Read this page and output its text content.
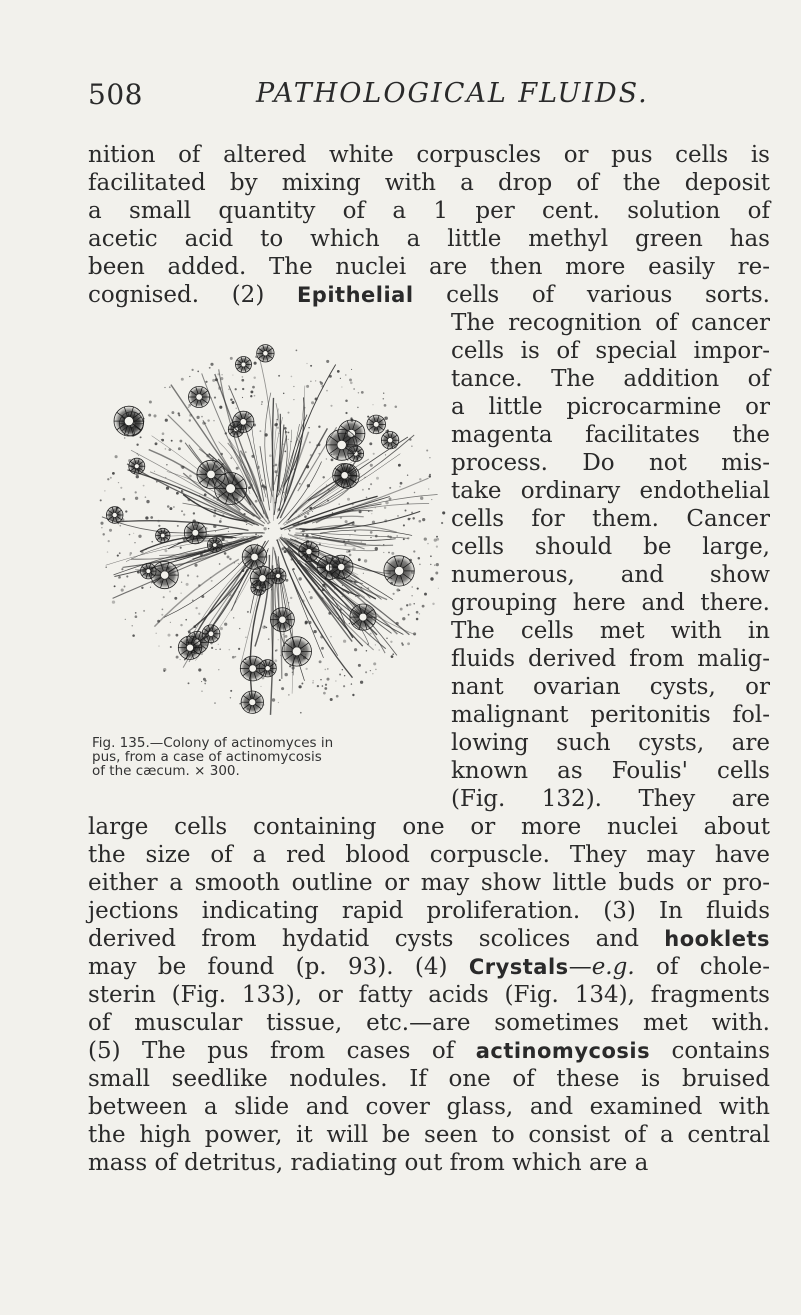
508	PATHOLOGICAL FLUIDS.
nition of altered white corpuscles or pus cells is
facilitated by mixing with a drop of the deposit
a small quantity of a 1 per cent. solution of
acetic acid to which a little methyl green has
been added. The nuclei are then more easily re-
cognised. (2) Epithelial cells of various sorts.
The recognition of cancer
cells is of special impor-
tance. The addition of
a little picrocarmine or
magenta facilitates the
process. Do not mis-
take ordinary endothelial
cells for them. Cancer
cells should be large,
numerous, and show
grouping here and there.
The cells met with in
fluids derived from malig-
nant ovarian cysts, or
malignant peritonitis fol-
lowing such cysts, are
known as Foulis' cells
(Fig. 132). They are
large cells containing one or more nuclei about
the size of a red blood corpuscle. They may have
either a smooth outline or may show little buds or pro-
jections indicating rapid proliferation. (3) In fluids
derived from hydatid cysts scolices and hooklets
may be found (p. 93). (4) Crystals—e.g. of chole-
sterin (Fig. 133), or fatty acids (Fig. 134), fragments
of muscular tissue, etc.—are sometimes met with.
(5) The pus from cases of actinomycosis contains
small seedlike nodules. If one of these is bruised
between a slide and cover glass, and examined with
the high power, it will be seen to consist of a central
mass of detritus, radiating out from which are a
Fig. 135.—Colony of actinomyces in
pus, from a case of actinomycosis
of the cæcum. × 300.
